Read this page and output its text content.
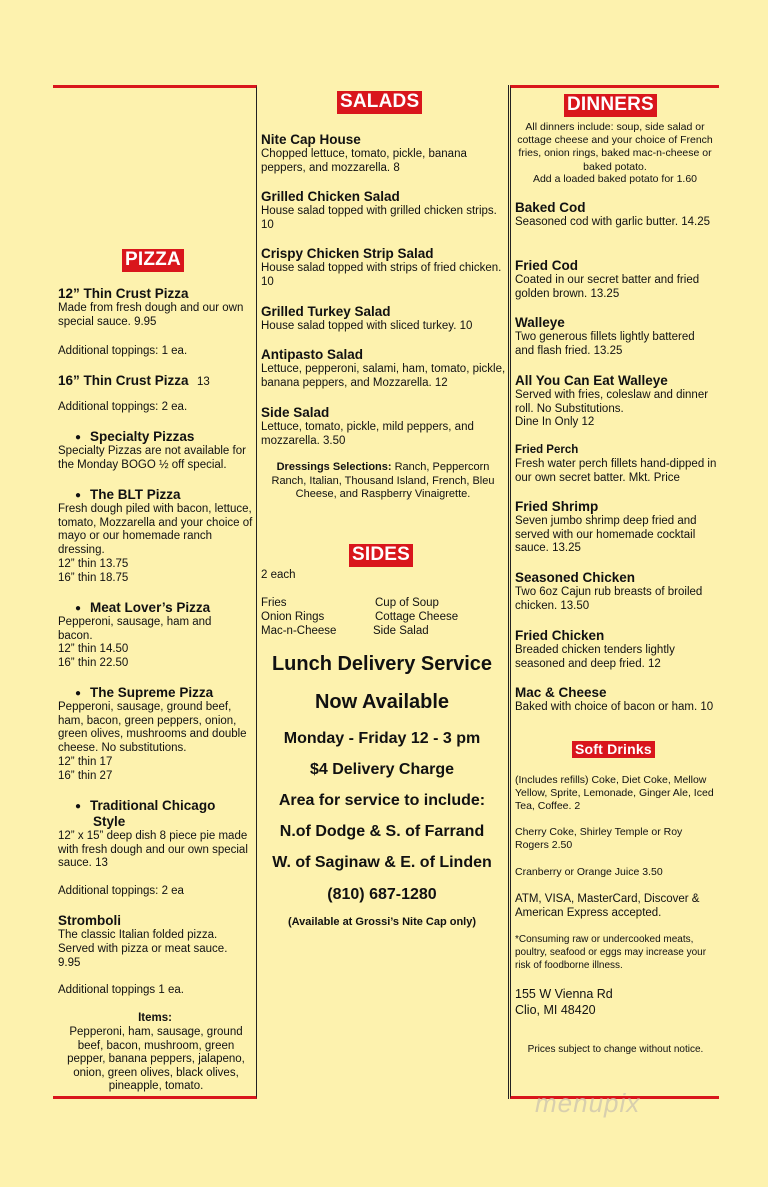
PIZZA
12” Thin Crust Pizza
Made from fresh dough and our own special sauce. 9.95
Additional toppings: 1 ea.
16” Thin Crust Pizza 13
Additional toppings: 2 ea.
● Specialty Pizzas
Specialty Pizzas are not available for the Monday BOGO ½ off special.
● The BLT Pizza
Fresh dough piled with bacon, lettuce, tomato, Mozzarella and your choice of mayo or our homemade ranch dressing.
12” thin 13.75
16” thin 18.75
● Meat Lover’s Pizza
Pepperoni, sausage, ham and bacon.
12” thin 14.50
16” thin 22.50
● The Supreme Pizza
Pepperoni, sausage, ground beef, ham, bacon, green peppers, onion, green olives, mushrooms and double cheese. No substitutions.
12” thin 17
16” thin 27
● Traditional Chicago
Style
12” x 15” deep dish 8 piece pie made with fresh dough and our own special sauce. 13
Additional toppings: 2 ea
Stromboli
The classic Italian folded pizza. Served with pizza or meat sauce.
9.95
Additional toppings 1 ea.
Items:
Pepperoni, ham, sausage, ground beef, bacon, mushroom, green pepper, banana peppers, jalapeno, onion, green olives, black olives, pineapple, tomato.
SALADS
Nite Cap House
Chopped lettuce, tomato, pickle, banana peppers, and mozzarella. 8
Grilled Chicken Salad
House salad topped with grilled chicken strips. 10
Crispy Chicken Strip Salad
House salad topped with strips of fried chicken. 10
Grilled Turkey Salad
House salad topped with sliced turkey. 10
Antipasto Salad
Lettuce, pepperoni, salami, ham, tomato, pickle, banana peppers, and Mozzarella. 12
Side Salad
Lettuce, tomato, pickle, mild peppers, and mozzarella. 3.50
Dressings Selections: Ranch, Peppercorn Ranch, Italian, Thousand Island, French, Bleu Cheese, and Raspberry Vinaigrette.
SIDES
2 each
Fries
Onion Rings
Mac-n-Cheese
Cup of Soup
Cottage Cheese
Side Salad
Lunch Delivery Service
Now Available
Monday - Friday 12 - 3 pm
$4 Delivery Charge
Area for service to include:
N.of Dodge & S. of Farrand
W. of Saginaw & E. of Linden
(810) 687-1280
(Available at Grossi’s Nite Cap only)
DINNERS
All dinners include: soup, side salad or cottage cheese and your choice of French fries, onion rings, baked mac-n-cheese or baked potato.
Add a loaded baked potato for 1.60
Baked Cod
Seasoned cod with garlic butter. 14.25
Fried Cod
Coated in our secret batter and fried golden brown. 13.25
Walleye
Two generous fillets lightly battered and flash fried. 13.25
All You Can Eat Walleye
Served with fries, coleslaw and dinner roll. No Substitutions.
Dine In Only 12
Fried Perch
Fresh water perch fillets hand-dipped in our own secret batter. Mkt. Price
Fried Shrimp
Seven jumbo shrimp deep fried and served with our homemade cocktail sauce. 13.25
Seasoned Chicken
Two 6oz Cajun rub breasts of broiled chicken. 13.50
Fried Chicken
Breaded chicken tenders lightly seasoned and deep fried. 12
Mac & Cheese
Baked with choice of bacon or ham. 10
Soft Drinks
(Includes refills) Coke, Diet Coke, Mellow Yellow, Sprite, Lemonade, Ginger Ale, Iced Tea, Coffee. 2
Cherry Coke, Shirley Temple or Roy Rogers 2.50
Cranberry or Orange Juice 3.50
ATM, VISA, MasterCard, Discover & American Express accepted.
*Consuming raw or undercooked meats, poultry, seafood or eggs may increase your risk of foodborne illness.
155 W Vienna Rd
Clio, MI 48420
Prices subject to change without notice.
menupix
